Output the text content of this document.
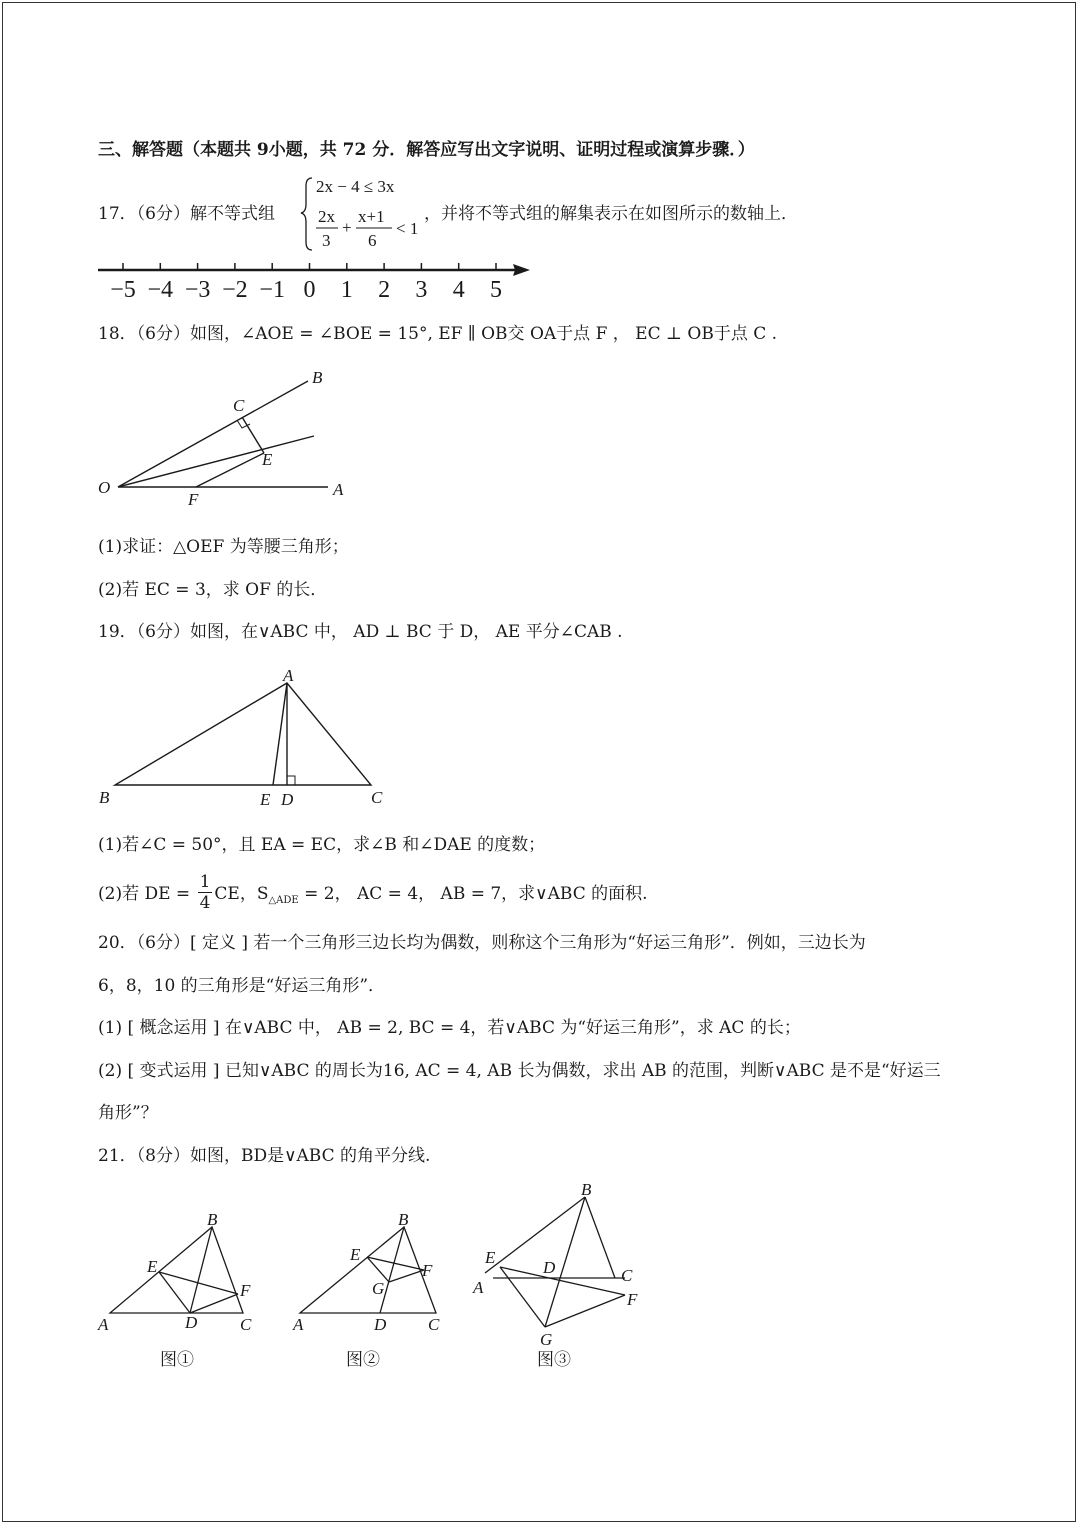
三、解答题（本题共 9小题，共 72 分．解答应写出文字说明、证明过程或演算步骤．）
17．（6分）解不等式组
2x − 4 ≤ 3x
2x
3
+
x+1
6
< 1
，并将不等式组的解集表示在如图所示的数轴上．
−5 −4 −3 −2 −1 0 1 2 3 4 5
18．（6分）如图，∠AOE = ∠BOE = 15°, EF ∥ OB交 OA于点 F ， EC ⊥ OB于点 C .
B
C
E
O
F
A
(1)求证：△OEF 为等腰三角形；
(2)若 EC = 3，求 OF 的长．
19．（6分）如图，在∨ABC 中， AD ⊥ BC 于 D， AE 平分∠CAB .
A
B	E D	C
(1)若∠C = 50°，且 EA = EC，求∠B 和∠DAE 的度数；
(2)若 DE = $\frac{1}{4}$ CE，$S_{\triangle ADE} = 2$， AC = 4， AB = 7，求∨ABC 的面积.
20．（6分）[ 定义 ] 若一个三角形三边长均为偶数，则称这个三角形为“好运三角形”．例如，三边长为
6，8，10 的三角形是“好运三角形”．
(1) [ 概念运用 ] 在∨ABC 中， AB = 2, BC = 4，若∨ABC 为“好运三角形”，求 AC 的长；
(2) [ 变式运用 ] 已知∨ABC 的周长为16, AC = 4, AB 长为偶数，求出 AB 的范围，判断∨ABC 是不是“好运三
角形”？
21．（8分）如图，BD是∨ABC 的角平分线.
B
E
F
A	D	C
图①
B
E
F
G
A	D C
图②
B
E
D	C
A
F
G
图③
